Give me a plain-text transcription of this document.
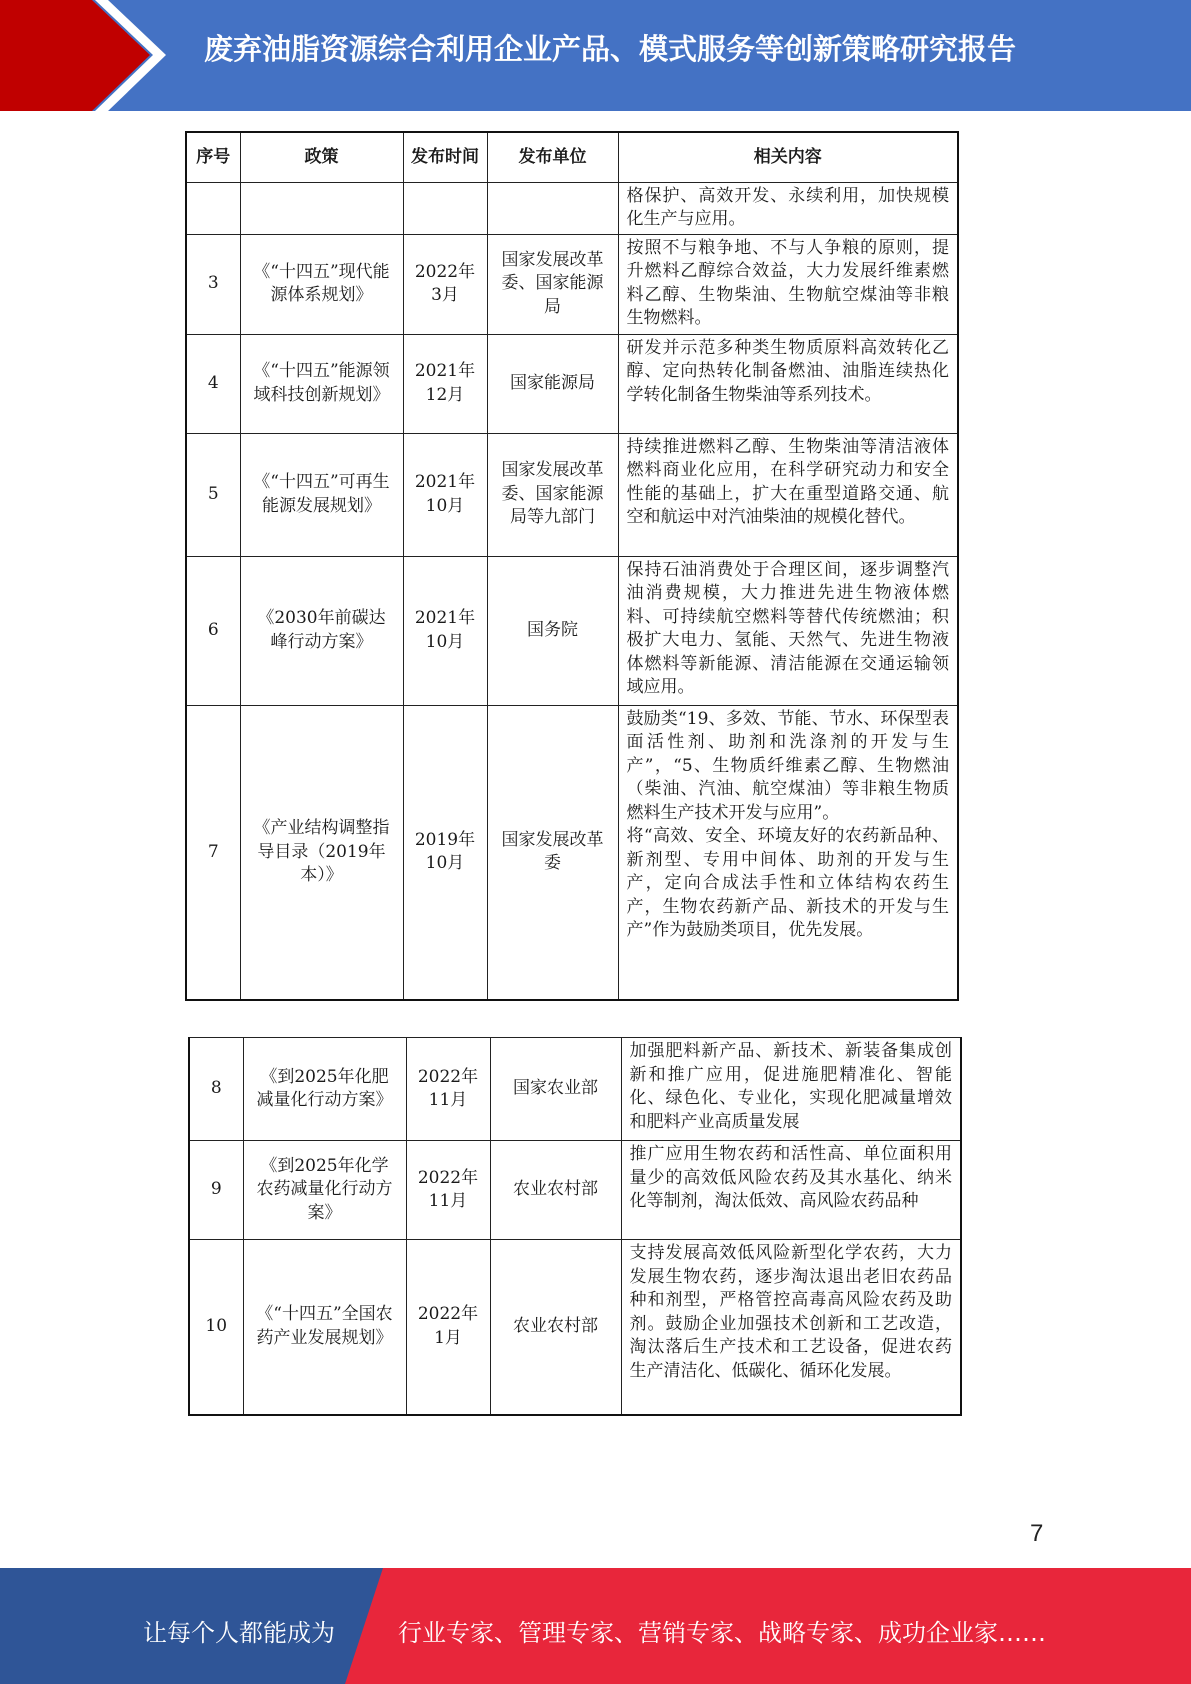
废弃油脂资源综合利用企业产品、模式服务等创新策略研究报告
序号	政策	发布时间	发布单位	相关内容
				格保护、高效开发、永续利用，加快规模化生产与应用。
3	《“十四五”现代能源体系规划》	2022年3月	国家发展改革委、国家能源局	按照不与粮争地、不与人争粮的原则，提升燃料乙醇综合效益，大力发展纤维素燃料乙醇、生物柴油、生物航空煤油等非粮生物燃料。
4	《“十四五”能源领域科技创新规划》	2021年12月	国家能源局	研发并示范多种类生物质原料高效转化乙醇、定向热转化制备燃油、油脂连续热化学转化制备生物柴油等系列技术。
5	《“十四五”可再生能源发展规划》	2021年10月	国家发展改革委、国家能源局等九部门	持续推进燃料乙醇、生物柴油等清洁液体燃料商业化应用，在科学研究动力和安全性能的基础上，扩大在重型道路交通、航空和航运中对汽油柴油的规模化替代。
6	《2030年前碳达峰行动方案》	2021年10月	国务院	保持石油消费处于合理区间，逐步调整汽油消费规模，大力推进先进生物液体燃料、可持续航空燃料等替代传统燃油；积极扩大电力、氢能、天然气、先进生物液体燃料等新能源、清洁能源在交通运输领域应用。
7	《产业结构调整指导目录（2019年本）》	2019年10月	国家发展改革委	鼓励类“19、多效、节能、节水、环保型表面活性剂、助剂和洗涤剂的开发与生产”，“5、生物质纤维素乙醇、生物燃油（柴油、汽油、航空煤油）等非粮生物质燃料生产技术开发与应用”。
将“高效、安全、环境友好的农药新品种、新剂型、专用中间体、助剂的开发与生产，定向合成法手性和立体结构农药生产，生物农药新产品、新技术的开发与生产”作为鼓励类项目，优先发展。
8	《到2025年化肥减量化行动方案》	2022年11月	国家农业部	加强肥料新产品、新技术、新装备集成创新和推广应用，促进施肥精准化、智能化、绿色化、专业化，实现化肥减量增效和肥料产业高质量发展
9	《到2025年化学农药减量化行动方案》	2022年11月	农业农村部	推广应用生物农药和活性高、单位面积用量少的高效低风险农药及其水基化、纳米化等制剂，淘汰低效、高风险农药品种
10	《“十四五”全国农药产业发展规划》	2022年1月	农业农村部	支持发展高效低风险新型化学农药，大力发展生物农药，逐步淘汰退出老旧农药品种和剂型，严格管控高毒高风险农药及助剂。鼓励企业加强技术创新和工艺改造，淘汰落后生产技术和工艺设备，促进农药生产清洁化、低碳化、循环化发展。
7
让每个人都能成为	行业专家、管理专家、营销专家、战略专家、成功企业家……
